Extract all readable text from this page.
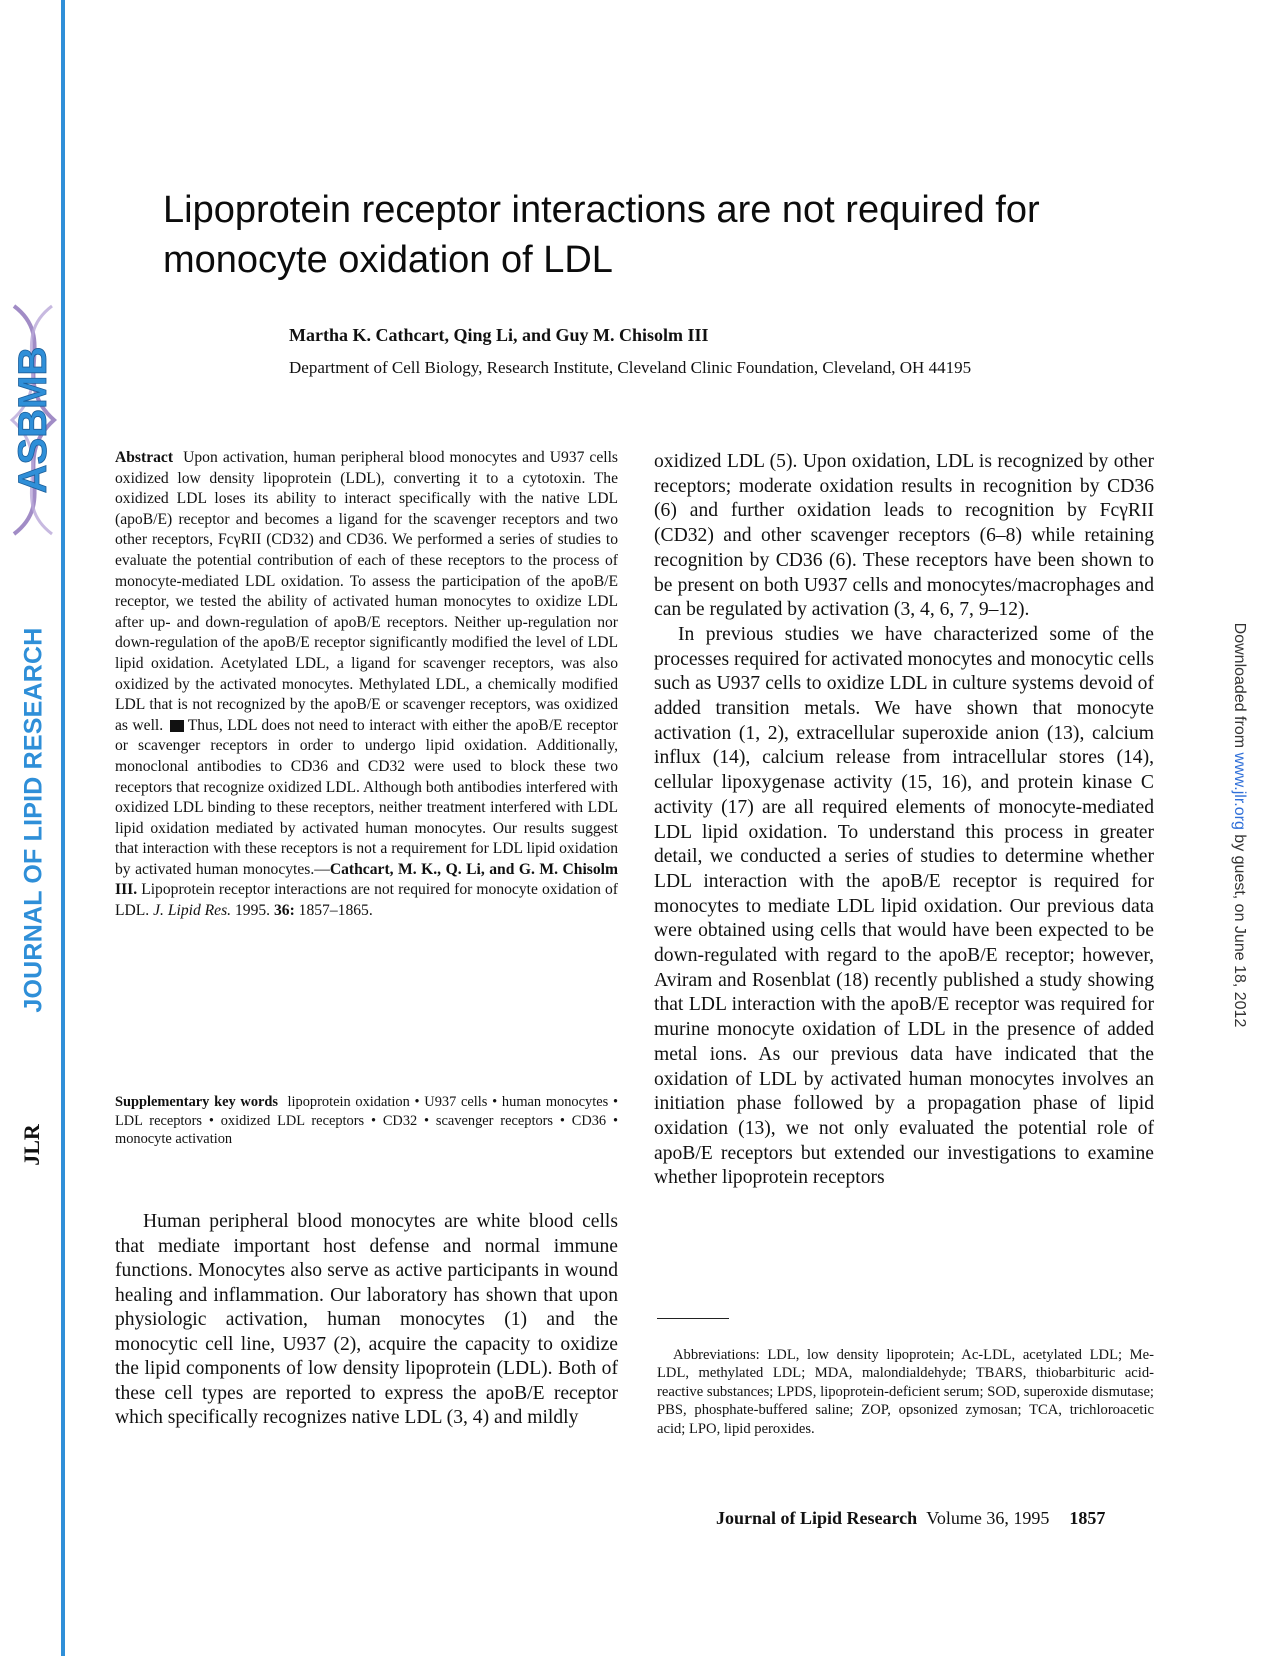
ASBMB
JOURNAL OF LIPID RESEARCH
JLR
Downloaded from www.jlr.org by guest, on June 18, 2012
Lipoprotein receptor interactions are not required for monocyte oxidation of LDL

Martha K. Cathcart, Qing Li, and Guy M. Chisolm III

Department of Cell Biology, Research Institute, Cleveland Clinic Foundation, Cleveland, OH 44195

Abstract Upon activation, human peripheral blood monocytes and U937 cells oxidized low density lipoprotein (LDL), converting it to a cytotoxin. The oxidized LDL loses its ability to interact specifically with the native LDL (apoB/E) receptor and becomes a ligand for the scavenger receptors and two other receptors, FcγRII (CD32) and CD36. We performed a series of studies to evaluate the potential contribution of each of these receptors to the process of monocyte-mediated LDL oxidation. To assess the participation of the apoB/E receptor, we tested the ability of activated human monocytes to oxidize LDL after up- and down-regulation of apoB/E receptors. Neither up-regulation nor down-regulation of the apoB/E receptor significantly modified the level of LDL lipid oxidation. Acetylated LDL, a ligand for scavenger receptors, was also oxidized by the activated monocytes. Methylated LDL, a chemically modified LDL that is not recognized by the apoB/E or scavenger receptors, was oxidized as well. Thus, LDL does not need to interact with either the apoB/E receptor or scavenger receptors in order to undergo lipid oxidation. Additionally, monoclonal antibodies to CD36 and CD32 were used to block these two receptors that recognize oxidized LDL. Although both antibodies interfered with oxidized LDL binding to these receptors, neither treatment interfered with LDL lipid oxidation mediated by activated human monocytes. Our results suggest that interaction with these receptors is not a requirement for LDL lipid oxidation by activated human monocytes.—Cathcart, M. K., Q. Li, and G. M. Chisolm III. Lipoprotein receptor interactions are not required for monocyte oxidation of LDL. J. Lipid Res. 1995. 36: 1857–1865.

Supplementary key words lipoprotein oxidation • U937 cells • human monocytes • LDL receptors • oxidized LDL receptors • CD32 • scavenger receptors • CD36 • monocyte activation

Human peripheral blood monocytes are white blood cells that mediate important host defense and normal immune functions. Monocytes also serve as active participants in wound healing and inflammation. Our laboratory has shown that upon physiologic activation, human monocytes (1) and the monocytic cell line, U937 (2), acquire the capacity to oxidize the lipid components of low density lipoprotein (LDL). Both of these cell types are reported to express the apoB/E receptor which specifically recognizes native LDL (3, 4) and mildly

oxidized LDL (5). Upon oxidation, LDL is recognized by other receptors; moderate oxidation results in recognition by CD36 (6) and further oxidation leads to recognition by FcγRII (CD32) and other scavenger receptors (6–8) while retaining recognition by CD36 (6). These receptors have been shown to be present on both U937 cells and monocytes/macrophages and can be regulated by activation (3, 4, 6, 7, 9–12).

In previous studies we have characterized some of the processes required for activated monocytes and monocytic cells such as U937 cells to oxidize LDL in culture systems devoid of added transition metals. We have shown that monocyte activation (1, 2), extracellular superoxide anion (13), calcium influx (14), calcium release from intracellular stores (14), cellular lipoxygenase activity (15, 16), and protein kinase C activity (17) are all required elements of monocyte-mediated LDL lipid oxidation. To understand this process in greater detail, we conducted a series of studies to determine whether LDL interaction with the apoB/E receptor is required for monocytes to mediate LDL lipid oxidation. Our previous data were obtained using cells that would have been expected to be down-regulated with regard to the apoB/E receptor; however, Aviram and Rosenblat (18) recently published a study showing that LDL interaction with the apoB/E receptor was required for murine monocyte oxidation of LDL in the presence of added metal ions. As our previous data have indicated that the oxidation of LDL by activated human monocytes involves an initiation phase followed by a propagation phase of lipid oxidation (13), we not only evaluated the potential role of apoB/E receptors but extended our investigations to examine whether lipoprotein receptors

Abbreviations: LDL, low density lipoprotein; Ac-LDL, acetylated LDL; Me-LDL, methylated LDL; MDA, malondialdehyde; TBARS, thiobarbituric acid-reactive substances; LPDS, lipoprotein-deficient serum; SOD, superoxide dismutase; PBS, phosphate-buffered saline; ZOP, opsonized zymosan; TCA, trichloroacetic acid; LPO, lipid peroxides.

Journal of Lipid Research Volume 36, 1995 1857
